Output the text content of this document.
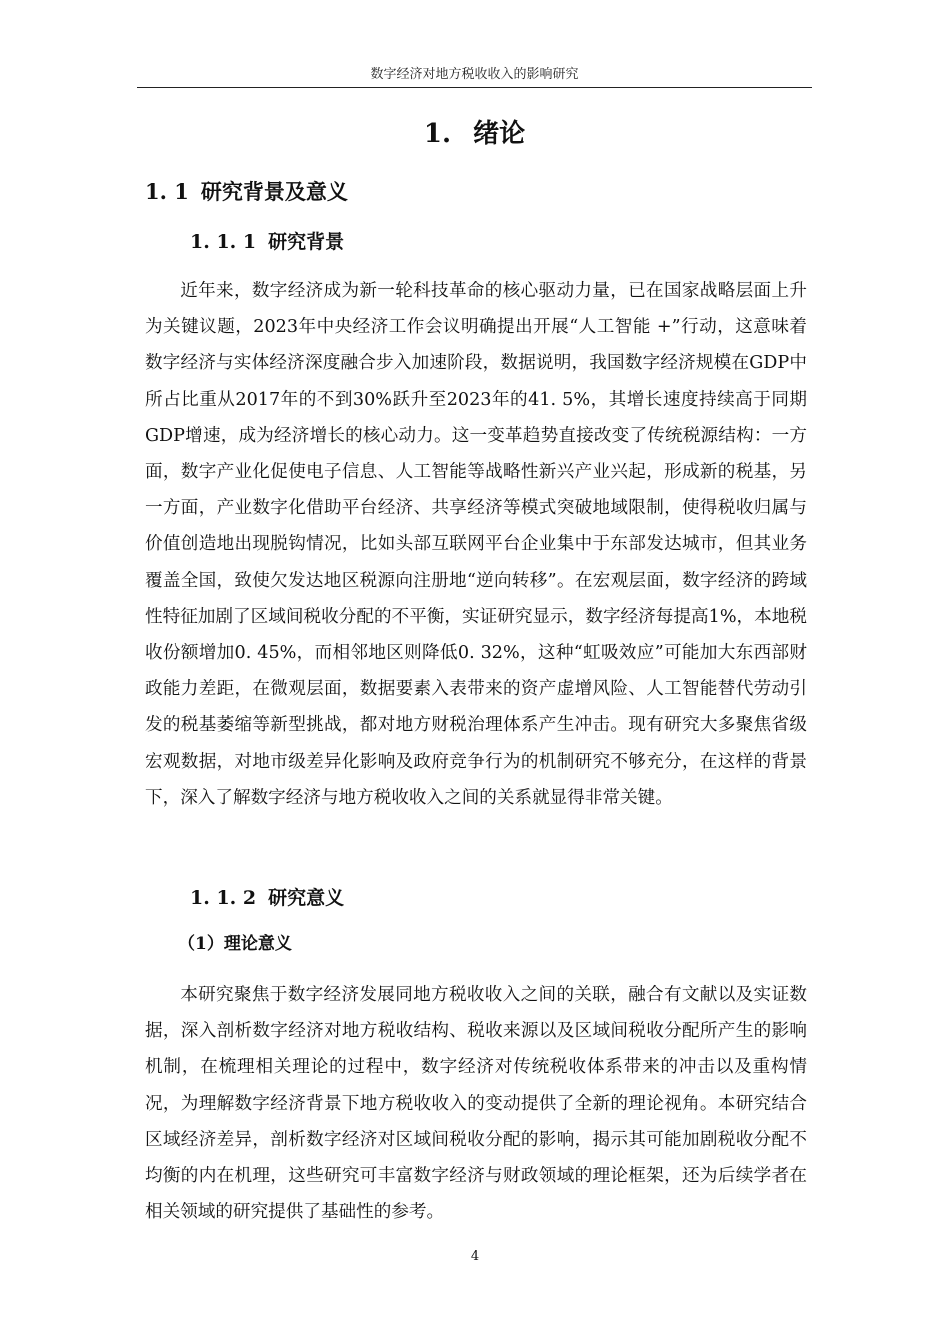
数字经济对地方税收收入的影响研究
1. 绪论
1. 1 研究背景及意义
1. 1. 1 研究背景

近年来，数字经济成为新一轮科技革命的核心驱动力量，已在国家战略层面上升为关键议题，2023年中央经济工作会议明确提出开展“人工智能 +”行动，这意味着数字经济与实体经济深度融合步入加速阶段，数据说明，我国数字经济规模在GDP中所占比重从2017年的不到30%跃升至2023年的41. 5%，其增长速度持续高于同期GDP增速，成为经济增长的核心动力。这一变革趋势直接改变了传统税源结构：一方面，数字产业化促使电子信息、人工智能等战略性新兴产业兴起，形成新的税基，另一方面，产业数字化借助平台经济、共享经济等模式突破地域限制，使得税收归属与价值创造地出现脱钩情况，比如头部互联网平台企业集中于东部发达城市，但其业务覆盖全国，致使欠发达地区税源向注册地“逆向转移”。在宏观层面，数字经济的跨域性特征加剧了区域间税收分配的不平衡，实证研究显示，数字经济每提高1%，本地税收份额增加0. 45%，而相邻地区则降低0. 32%，这种“虹吸效应”可能加大东西部财政能力差距，在微观层面，数据要素入表带来的资产虚增风险、人工智能替代劳动引发的税基萎缩等新型挑战，都对地方财税治理体系产生冲击。现有研究大多聚焦省级宏观数据，对地市级差异化影响及政府竞争行为的机制研究不够充分，在这样的背景下，深入了解数字经济与地方税收收入之间的关系就显得非常关键。

1. 1. 2 研究意义
（1）理论意义

本研究聚焦于数字经济发展同地方税收收入之间的关联，融合有文献以及实证数据，深入剖析数字经济对地方税收结构、税收来源以及区域间税收分配所产生的影响机制，在梳理相关理论的过程中，数字经济对传统税收体系带来的冲击以及重构情况，为理解数字经济背景下地方税收收入的变动提供了全新的理论视角。本研究结合区域经济差异，剖析数字经济对区域间税收分配的影响，揭示其可能加剧税收分配不均衡的内在机理，这些研究可丰富数字经济与财政领域的理论框架，还为后续学者在相关领域的研究提供了基础性的参考。

4
